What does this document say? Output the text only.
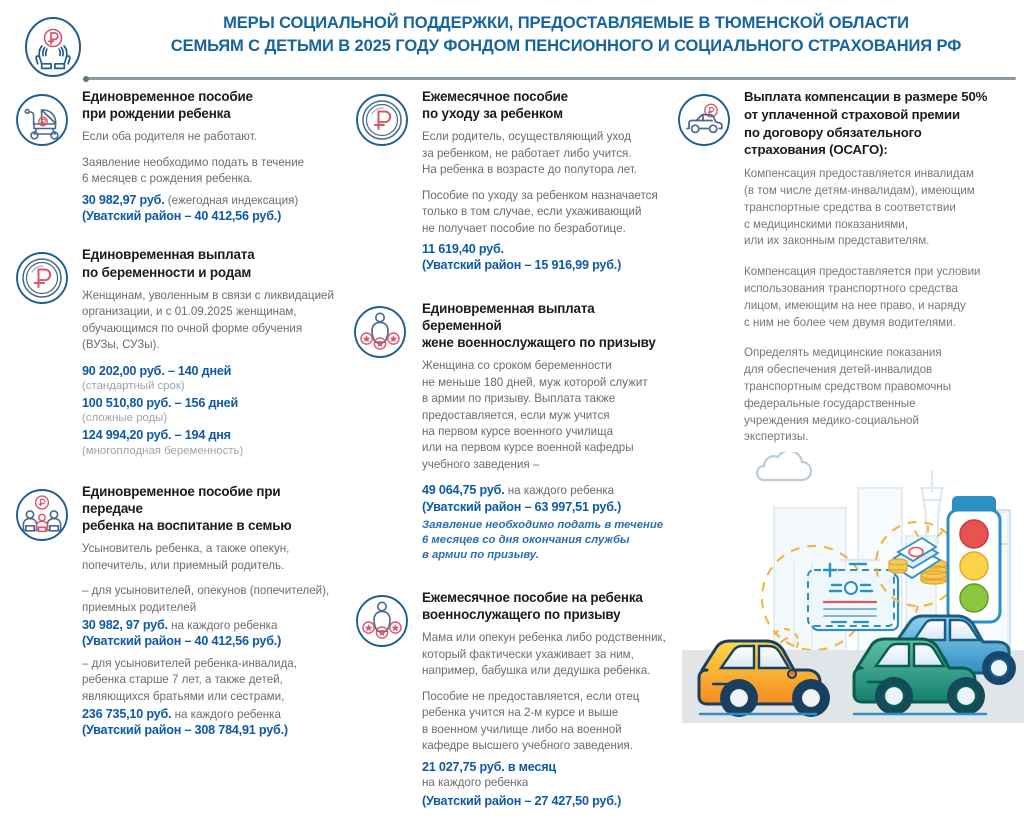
МЕРЫ СОЦИАЛЬНОЙ ПОДДЕРЖКИ, ПРЕДОСТАВЛЯЕМЫЕ В ТЮМЕНСКОЙ ОБЛАСТИ
СЕМЬЯМ С ДЕТЬМИ В 2025 ГОДУ ФОНДОМ ПЕНСИОННОГО И СОЦИАЛЬНОГО СТРАХОВАНИЯ РФ
Единовременное пособие
при рождении ребенка

Если оба родителя не работают.

Заявление необходимо подать в течение
6 месяцев с рождения ребенка.

30 982,97 руб. (ежегодная индексация)

(Уватский район – 40 412,56 руб.)

Единовременная выплата
по беременности и родам

Женщинам, уволенным в связи с ликвидацией
организации, и с 01.09.2025 женщинам,
обучающимся по очной форме обучения
(ВУЗы, СУЗы).

90 202,00 руб. – 140 дней

(стандартный срок)

100 510,80 руб. – 156 дней

(сложные роды)

124 994,20 руб. – 194 дня

(многоплодная беременность)

Единовременное пособие при передаче
ребенка на воспитание в семью

Усыновитель ребенка, а также опекун,
попечитель, или приемный родитель.

– для усыновителей, опекунов (попечителей),
приемных родителей

30 982, 97 руб. на каждого ребенка

(Уватский район – 40 412,56 руб.)

– для усыновителей ребенка-инвалида,
ребенка старше 7 лет, а также детей,
являющихся братьями или сестрами,

236 735,10 руб. на каждого ребенка

(Уватский район – 308 784,91 руб.)

Ежемесячное пособие
по уходу за ребенком

Если родитель, осуществляющий уход
за ребенком, не работает либо учится.
На ребенка в возрасте до полутора лет.

Пособие по уходу за ребенком назначается
только в том случае, если ухаживающий
не получает пособие по безработице.

11 619,40 руб.

(Уватский район – 15 916,99 руб.)

Единовременная выплата беременной
жене военнослужащего по призыву

Женщина со сроком беременности
не меньше 180 дней, муж которой служит
в армии по призыву. Выплата также
предоставляется, если муж учится
на первом курсе военного училища
или на первом курсе военной кафедры
учебного заведения –

49 064,75 руб. на каждого ребенка

(Уватский район – 63 997,51 руб.)

Заявление необходимо подать в течение
6 месяцев со дня окончания службы
в армии по призыву.

Ежемесячное пособие на ребенка
военнослужащего по призыву

Мама или опекун ребенка либо родственник,
который фактически ухаживает за ним,
например, бабушка или дедушка ребенка.

Пособие не предоставляется, если отец
ребенка учится на 2-м курсе и выше
в военном училище либо на военной
кафедре высшего учебного заведения.

21 027,75 руб. в месяц

на каждого ребенка

(Уватский район – 27 427,50 руб.)

Выплата компенсации в размере 50%
от уплаченной страховой премии
по договору обязательного
страхования (ОСАГО):

Компенсация предоставляется инвалидам
(в том числе детям-инвалидам), имеющим
транспортные средства в соответствии
с медицинскими показаниями,
или их законным представителям.

Компенсация предоставляется при условии
использования транспортного средства
лицом, имеющим на нее право, и наряду
с ним не более чем двумя водителями.

Определять медицинские показания
для обеспечения детей-инвалидов
транспортным средством правомочны
федеральные государственные
учреждения медико-социальной
экспертизы.
